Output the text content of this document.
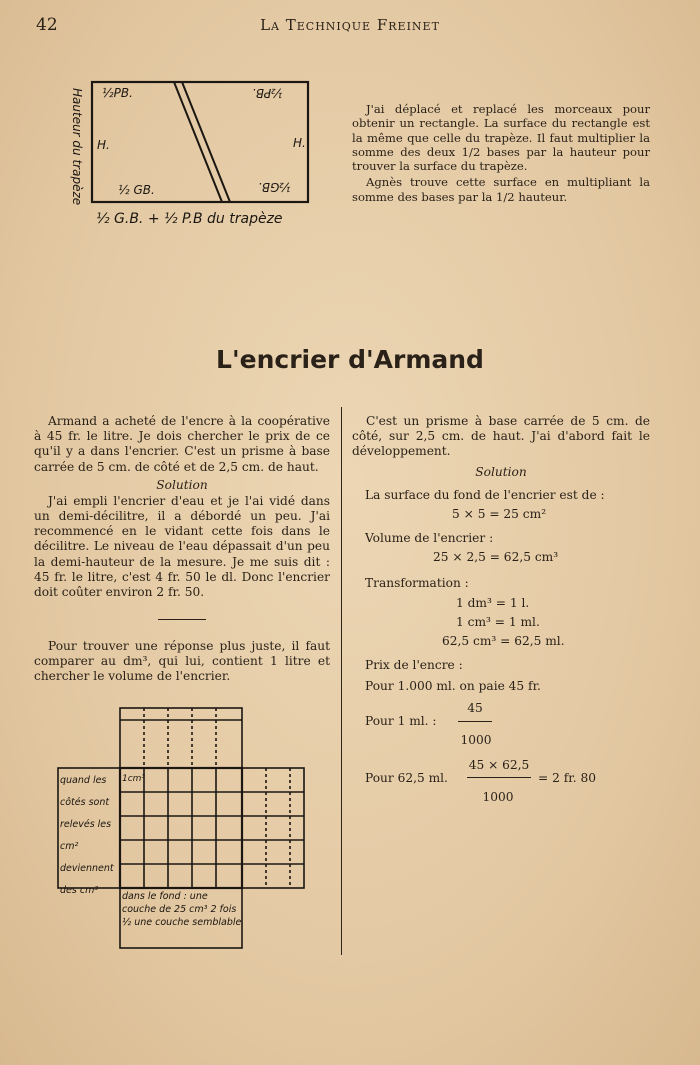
42	La Technique Freinet
½PB.	½PB.
H.	H.
½ GB.	½GB.
Hauteur du trapèze
½ G.B. + ½ P.B du trapèze

J'ai déplacé et replacé les morceaux pour obtenir un rectangle. La surface du rectangle est la même que celle du trapèze. Il faut multiplier la somme des deux 1/2 bases par la hauteur pour trouver la surface du trapèze.

Agnès trouve cette surface en multipliant la somme des bases par la 1/2 hauteur.

L'encrier d'Armand

Armand a acheté de l'encre à la coopérative à 45 fr. le litre. Je dois chercher le prix de ce qu'il y a dans l'encrier. C'est un prisme à base carrée de 5 cm. de côté et de 2,5 cm. de haut.

Solution

J'ai empli l'encrier d'eau et je l'ai vidé dans un demi-décilitre, il a débordé un peu. J'ai recommencé en le vidant cette fois dans le décilitre. Le niveau de l'eau dépassait d'un peu la demi-hauteur de la mesure. Je me suis dit : 45 fr. le litre, c'est 4 fr. 50 le dl. Donc l'encrier doit coûter environ 2 fr. 50.

Pour trouver une réponse plus juste, il faut comparer au dm³, qui lui, contient 1 litre et chercher le volume de l'encrier.

1cm³
quand les côtés sont relevés les cm² deviennent des cm³
dans le fond : une couche de 25 cm³ 2 fois ½ une couche semblable

C'est un prisme à base carrée de 5 cm. de côté, sur 2,5 cm. de haut. J'ai d'abord fait le développement.

Solution
La surface du fond de l'encrier est de :
5 × 5 = 25 cm²
Volume de l'encrier :
25 × 2,5 = 62,5 cm³
Transformation :
1 dm³ = 1 l.
1 cm³ = 1 ml.
62,5 cm³ = 62,5 ml.
Prix de l'encre :
Pour 1.000 ml. on paie 45 fr.
Pour 1 ml. :
45
1000
Pour 62,5 ml.
45 × 62,5
1000
= 2 fr. 80
